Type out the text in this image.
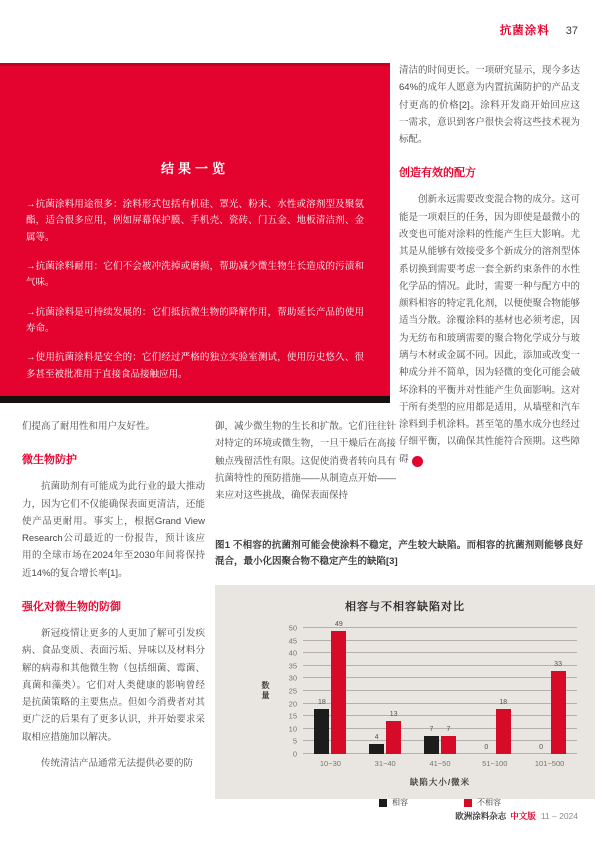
抗菌涂料 37
结果一览

→抗菌涂料用途很多：涂料形式包括有机硅、罩光、粉末、水性或溶剂型及聚氨酯，适合很多应用，例如屏幕保护膜、手机壳、瓷砖、门五金、地板清洁剂、金属等。

→抗菌涂料耐用：它们不会被冲洗掉或磨损，帮助减少微生物生长造成的污渍和气味。

→抗菌涂料是可持续发展的：它们抵抗微生物的降解作用，帮助延长产品的使用寿命。

→使用抗菌涂料是安全的：它们经过严格的独立实验室测试，使用历史悠久、很多甚至被批准用于直接食品接触应用。

们提高了耐用性和用户友好性。

微生物防护

抗菌助剂有可能成为此行业的最大推动力，因为它们不仅能确保表面更清洁，还能使产品更耐用。事实上，根据Grand View Research公司最近的一份报告，预计该应用的全球市场在2024年至2030年间将保持近14%的复合增长率[1]。

强化对微生物的防御

新冠疫情让更多的人更加了解可引发疾病、食品变质、表面污垢、异味以及材料分解的病毒和其他微生物（包括细菌、霉菌、真菌和藻类）。它们对人类健康的影响曾经是抗菌策略的主要焦点。但如今消费者对其更广泛的后果有了更多认识，并开始要求采取相应措施加以解决。

传统清洁产品通常无法提供必要的防

御，减少微生物的生长和扩散。它们往往针对特定的环境或微生物，一旦干燥后在高接触点残留活性有限。这促使消费者转向具有抗菌特性的预防措施——从制造点开始——来应对这些挑战，确保表面保持

清洁的时间更长。一项研究显示，现今多达64%的成年人愿意为内置抗菌防护的产品支付更高的价格[2]。涂料开发商开始回应这一需求，意识到客户很快会将这些技术视为标配。

创造有效的配方

创新永远需要改变混合物的成分。这可能是一项艰巨的任务，因为即使是最微小的改变也可能对涂料的性能产生巨大影响。尤其是从能够有效接受多个新成分的溶剂型体系切换到需要考虑一套全新约束条件的水性化学品的情况。此时，需要一种与配方中的颜料相容的特定乳化剂，以便使聚合物能够适当分散。涂覆涂料的基材也必须考虑，因为无纺布和玻璃需要的聚合物化学成分与玻璃与木材或金属不同。因此，添加或改变一种成分并不简单，因为轻微的变化可能会破坏涂料的平衡并对性能产生负面影响。这对于所有类型的应用都是适用，从墙壁和汽车涂料到手机涂料。甚至笔的墨水成分也经过仔细平衡，以确保其性能符合预期。这些障碍	❯

图1 不相容的抗菌剂可能会使涂料不稳定，产生较大缺陷。而相容的抗菌剂则能够良好混合，最小化因聚合物不稳定产生的缺陷[3]
相容与不相容缺陷对比
数量
0
5
10
15
20
25
30
35
40
45
50
18
49
4
13
7	7
0
18
0
33
10~30	31~40	41~50	51~100	101~500
缺陷大小/微米
相容	不相容
欧洲涂料杂志 中文版 11 – 2024
